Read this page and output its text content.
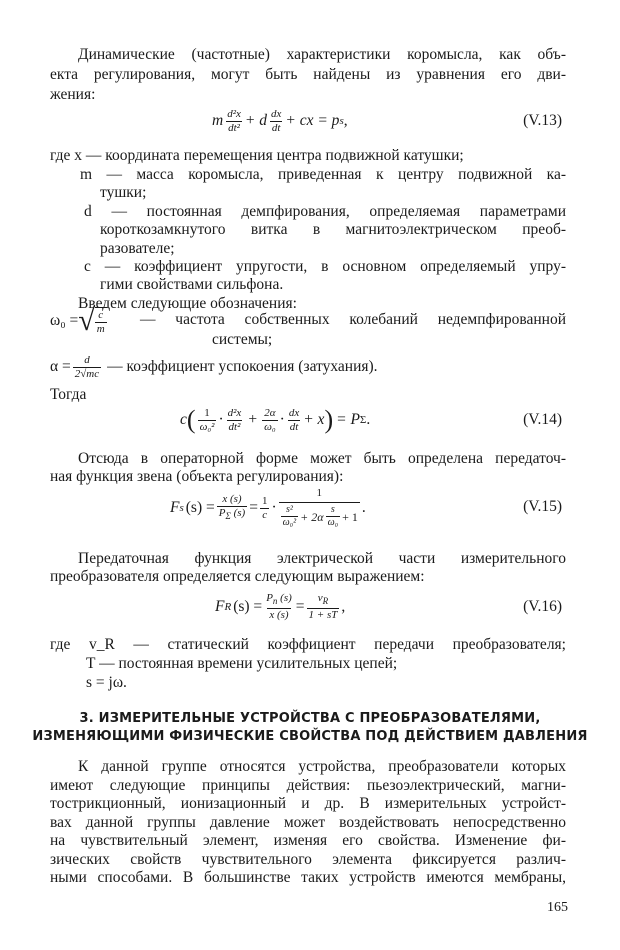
Динамические (частотные) характеристики коромысла, как объ-
екта регулирования, могут быть найдены из уравнения его дви-
жения:
m $\frac{\text{d²x}}{\text{dt²}} + d \frac{dx}{dt}$ + cx = p s ,	(V.13)
где x — координата перемещения центра подвижной катушки;
m — масса коромысла, приведенная к центру подвижной ка-
тушки;
d — постоянная демпфирования, определяемая параметрами
короткозамкнутого витка в магнитоэлектрическом преоб-
разователе;
c — коэффициент упругости, в основном определяемый упру-
гими свойствами сильфона.
Введем следующие обозначения:
ω₀ = √ $\frac{c}{m}$ — частота собственных колебаний недемпфированной
системы;
$\alpha = \frac{d}{2√mc}$ — коэффициент успокоения (затухания).
Тогда
c ( $\frac{1}{\text{ω₀²}} \cdot \frac{\text{d²x}}{\text{dt²}} + \frac{2\alpha}{\text{ω₀}} \cdot \frac{dx}{dt} + x$ ) = P Σ .	(V.14)
Отсюда в операторной форме может быть определена передаточ-
ная функция звена (объекта регулирования):
F s $(s) = \frac{x (s)}{P_\Sigma (s)} = \frac{1}{c}$ ·
1
$\frac{\text{s²}}{\text{ω₀²}} + 2\alpha \frac{s}{\text{ω₀}} + 1$
.	(V.15)
Передаточная функция электрической части измерительного
преобразователя определяется следующим выражением:
F R $(s) = \frac{P_n (s)}{x (s)} = \frac{v_R}{1 + sT}$ ,	(V.16)
где v_R — статический коэффициент передачи преобразователя;
T — постоянная времени усилительных цепей;
s = jω.
3. ИЗМЕРИТЕЛЬНЫЕ УСТРОЙСТВА С ПРЕОБРАЗОВАТЕЛЯМИ,
ИЗМЕНЯЮЩИМИ ФИЗИЧЕСКИЕ СВОЙСТВА ПОД ДЕЙСТВИЕМ ДАВЛЕНИЯ
К данной группе относятся устройства, преобразователи которых
имеют следующие принципы действия: пьезоэлектрический, магни-
тострикционный, ионизационный и др. В измерительных устройст-
вах данной группы давление может воздействовать непосредственно
на чувствительный элемент, изменяя его свойства. Изменение фи-
зических свойств чувствительного элемента фиксируется различ-
ными способами. В большинстве таких устройств имеются мембраны,
165
